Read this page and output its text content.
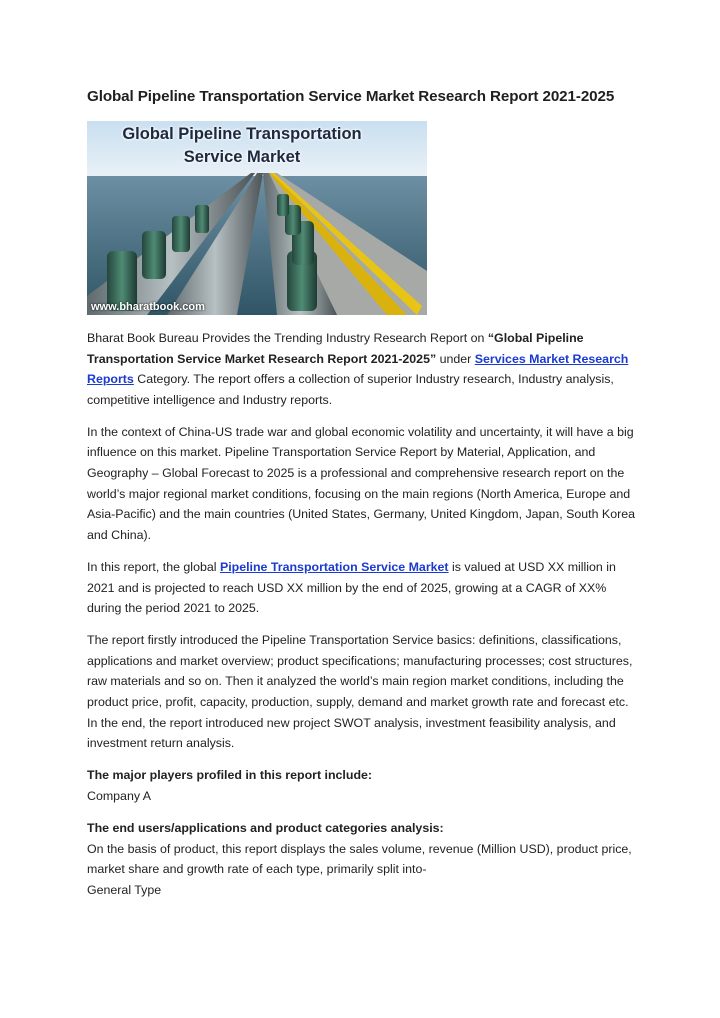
Global Pipeline Transportation Service Market Research Report 2021-2025
Global Pipeline Transportation
Service Market
www.bharatbook.com

Bharat Book Bureau Provides the Trending Industry Research Report on “Global Pipeline Transportation Service Market Research Report 2021-2025” under Services Market Research Reports Category. The report offers a collection of superior Industry research, Industry analysis, competitive intelligence and Industry reports.

In the context of China-US trade war and global economic volatility and uncertainty, it will have a big influence on this market. Pipeline Transportation Service Report by Material, Application, and Geography – Global Forecast to 2025 is a professional and comprehensive research report on the world’s major regional market conditions, focusing on the main regions (North America, Europe and Asia-Pacific) and the main countries (United States, Germany, United Kingdom, Japan, South Korea and China).

In this report, the global Pipeline Transportation Service Market is valued at USD XX million in 2021 and is projected to reach USD XX million by the end of 2025, growing at a CAGR of XX% during the period 2021 to 2025.

The report firstly introduced the Pipeline Transportation Service basics: definitions, classifications, applications and market overview; product specifications; manufacturing processes; cost structures, raw materials and so on. Then it analyzed the world’s main region market conditions, including the product price, profit, capacity, production, supply, demand and market growth rate and forecast etc. In the end, the report introduced new project SWOT analysis, investment feasibility analysis, and investment return analysis.

The major players profiled in this report include:
Company A
The end users/applications and product categories analysis:
On the basis of product, this report displays the sales volume, revenue (Million USD), product price, market share and growth rate of each type, primarily split into-
General Type
